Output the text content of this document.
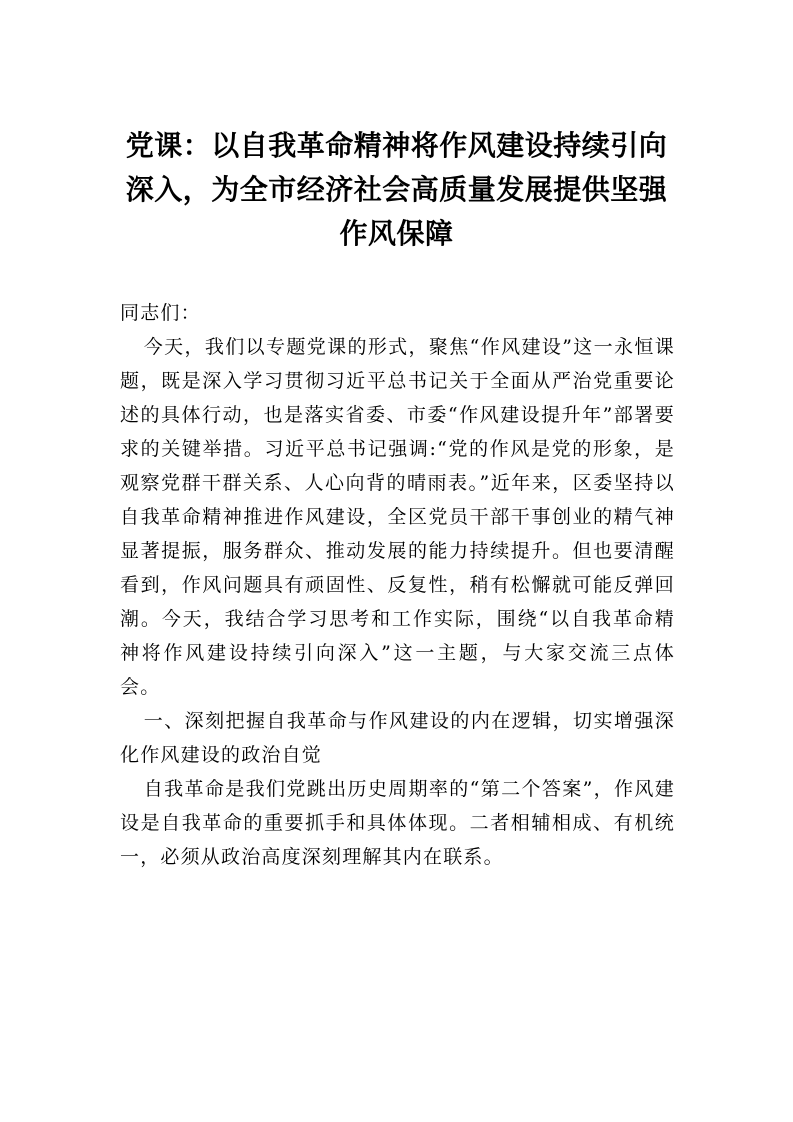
党课：以自我革命精神将作风建设持续引向深入，为全市经济社会高质量发展提供坚强作风保障

同志们：

今天，我们以专题党课的形式，聚焦“作风建设”这一永恒课题，既是深入学习贯彻习近平总书记关于全面从严治党重要论述的具体行动，也是落实省委、市委“作风建设提升年”部署要求的关键举措。习近平总书记强调:“党的作风是党的形象，是观察党群干群关系、人心向背的晴雨表。”近年来，区委坚持以自我革命精神推进作风建设，全区党员干部干事创业的精气神显著提振，服务群众、推动发展的能力持续提升。但也要清醒看到，作风问题具有顽固性、反复性，稍有松懈就可能反弹回潮。今天，我结合学习思考和工作实际，围绕“以自我革命精神将作风建设持续引向深入”这一主题，与大家交流三点体会。

一、深刻把握自我革命与作风建设的内在逻辑，切实增强深化作风建设的政治自觉

自我革命是我们党跳出历史周期率的“第二个答案”，作风建设是自我革命的重要抓手和具体体现。二者相辅相成、有机统一，必须从政治高度深刻理解其内在联系。
